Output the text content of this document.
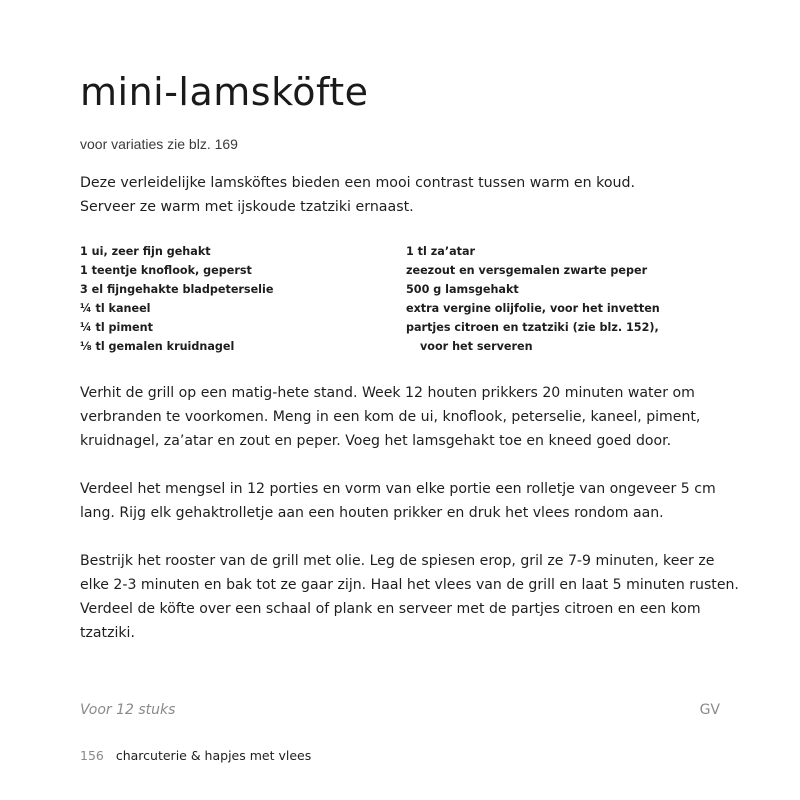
mini-lamsköfte
voor variaties zie blz. 169

Deze verleidelijke lamsköftes bieden een mooi contrast tussen warm en koud.
Serveer ze warm met ijskoude tzatziki ernaast.

1 ui, zeer fijn gehakt
1 teentje knoflook, geperst
3 el fijngehakte bladpeterselie
¼ tl kaneel
¼ tl piment
⅛ tl gemalen kruidnagel
1 tl za’atar
zeezout en versgemalen zwarte peper
500 g lamsgehakt
extra vergine olijfolie, voor het invetten
partjes citroen en tzatziki (zie blz. 152),
voor het serveren

Verhit de grill op een matig-hete stand. Week 12 houten prikkers 20 minuten water om
verbranden te voorkomen. Meng in een kom de ui, knoflook, peterselie, kaneel, piment,
kruidnagel, za’atar en zout en peper. Voeg het lamsgehakt toe en kneed goed door.

Verdeel het mengsel in 12 porties en vorm van elke portie een rolletje van ongeveer 5 cm
lang. Rijg elk gehaktrolletje aan een houten prikker en druk het vlees rondom aan.

Bestrijk het rooster van de grill met olie. Leg de spiesen erop, gril ze 7-9 minuten, keer ze
elke 2-3 minuten en bak tot ze gaar zijn. Haal het vlees van de grill en laat 5 minuten rusten.
Verdeel de köfte over een schaal of plank en serveer met de partjes citroen en een kom
tzatziki.

Voor 12 stuks	GV
156 charcuterie & hapjes met vlees
